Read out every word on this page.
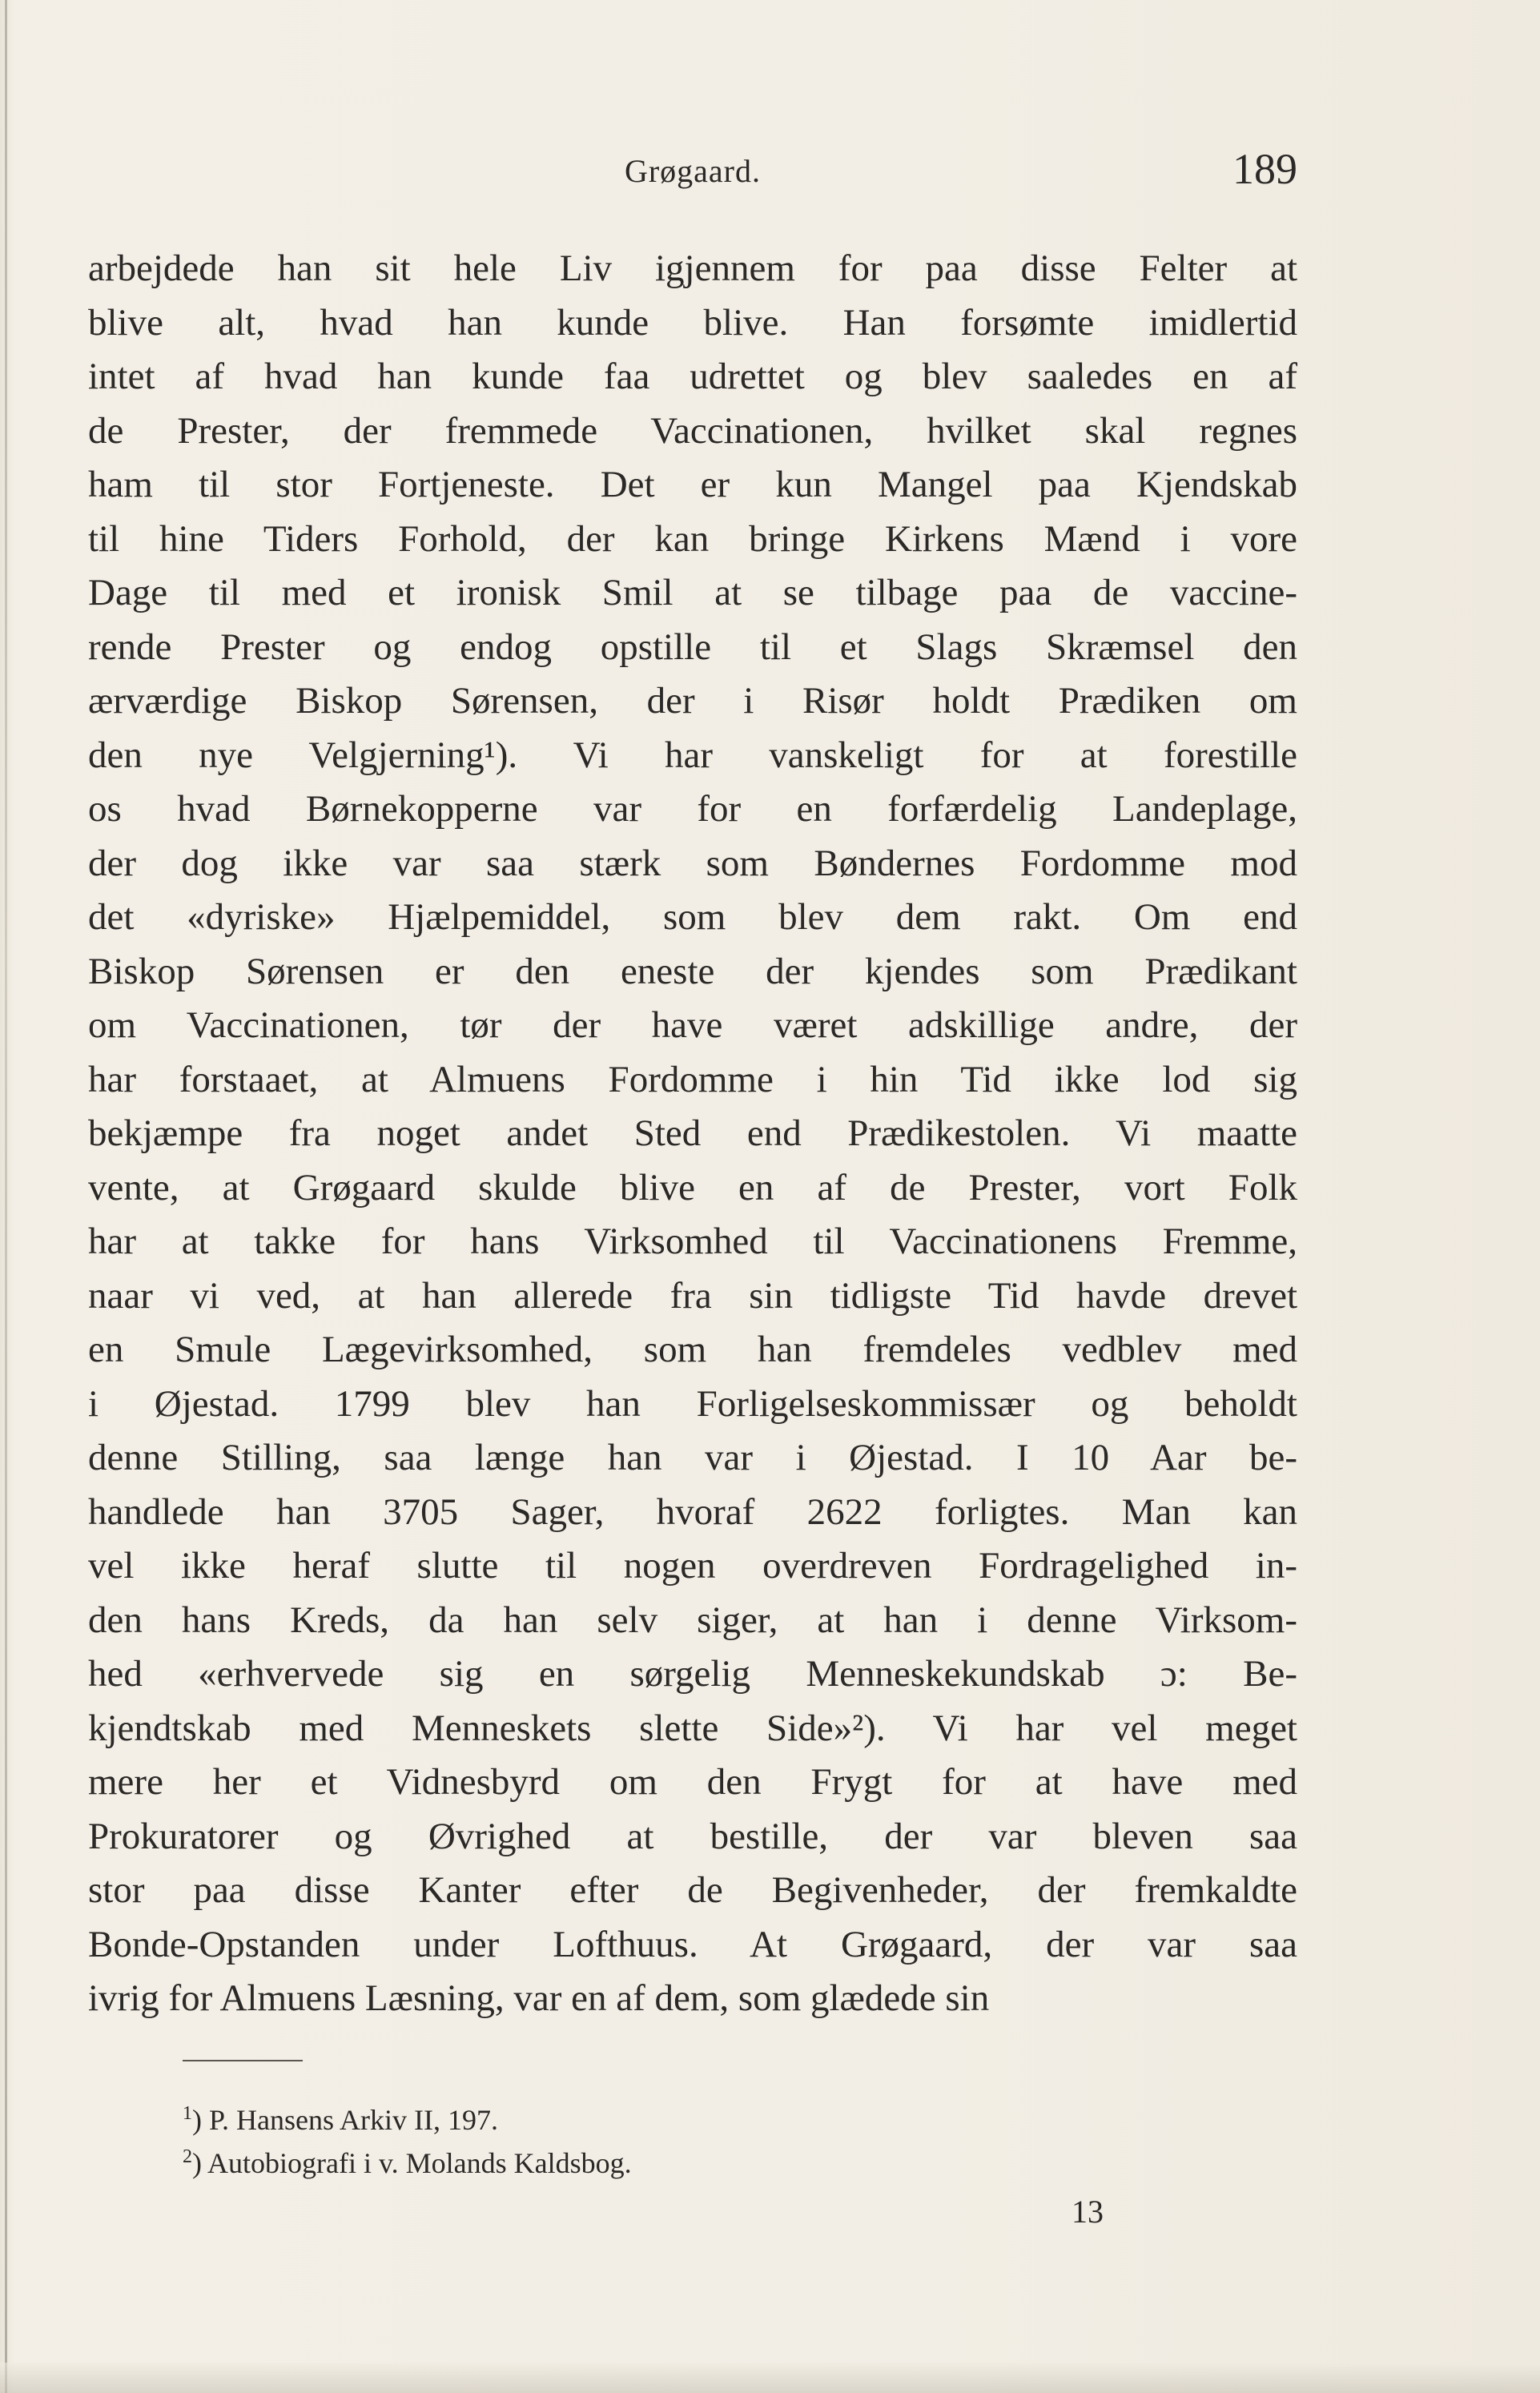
Grøgaard.	189
arbejdede han sit hele Liv igjennem for paa disse Felter at
blive alt, hvad han kunde blive. Han forsømte imidlertid
intet af hvad han kunde faa udrettet og blev saaledes en af
de Prester, der fremmede Vaccinationen, hvilket skal regnes
ham til stor Fortjeneste. Det er kun Mangel paa Kjendskab
til hine Tiders Forhold, der kan bringe Kirkens Mænd i vore
Dage til med et ironisk Smil at se tilbage paa de vaccine-
rende Prester og endog opstille til et Slags Skræmsel den
ærværdige Biskop Sørensen, der i Risør holdt Prædiken om
den nye Velgjerning¹). Vi har vanskeligt for at forestille
os hvad Børnekopperne var for en forfærdelig Landeplage,
der dog ikke var saa stærk som Bøndernes Fordomme mod
det «dyriske» Hjælpemiddel, som blev dem rakt. Om end
Biskop Sørensen er den eneste der kjendes som Prædikant
om Vaccinationen, tør der have været adskillige andre, der
har forstaaet, at Almuens Fordomme i hin Tid ikke lod sig
bekjæmpe fra noget andet Sted end Prædikestolen. Vi maatte
vente, at Grøgaard skulde blive en af de Prester, vort Folk
har at takke for hans Virksomhed til Vaccinationens Fremme,
naar vi ved, at han allerede fra sin tidligste Tid havde drevet
en Smule Lægevirksomhed, som han fremdeles vedblev med
i Øjestad. 1799 blev han Forligelseskommissær og beholdt
denne Stilling, saa længe han var i Øjestad. I 10 Aar be-
handlede han 3705 Sager, hvoraf 2622 forligtes. Man kan
vel ikke heraf slutte til nogen overdreven Fordragelighed in-
den hans Kreds, da han selv siger, at han i denne Virksom-
hed «erhvervede sig en sørgelig Menneskekundskab ɔ: Be-
kjendtskab med Menneskets slette Side»²). Vi har vel meget
mere her et Vidnesbyrd om den Frygt for at have med
Prokuratorer og Øvrighed at bestille, der var bleven saa
stor paa disse Kanter efter de Begivenheder, der fremkaldte
Bonde-Opstanden under Lofthuus. At Grøgaard, der var saa
ivrig for Almuens Læsning, var en af dem, som glædede sin
$^1$) P. Hansens Arkiv II, 197.
$^2$) Autobiografi i v. Molands Kaldsbog.
13
